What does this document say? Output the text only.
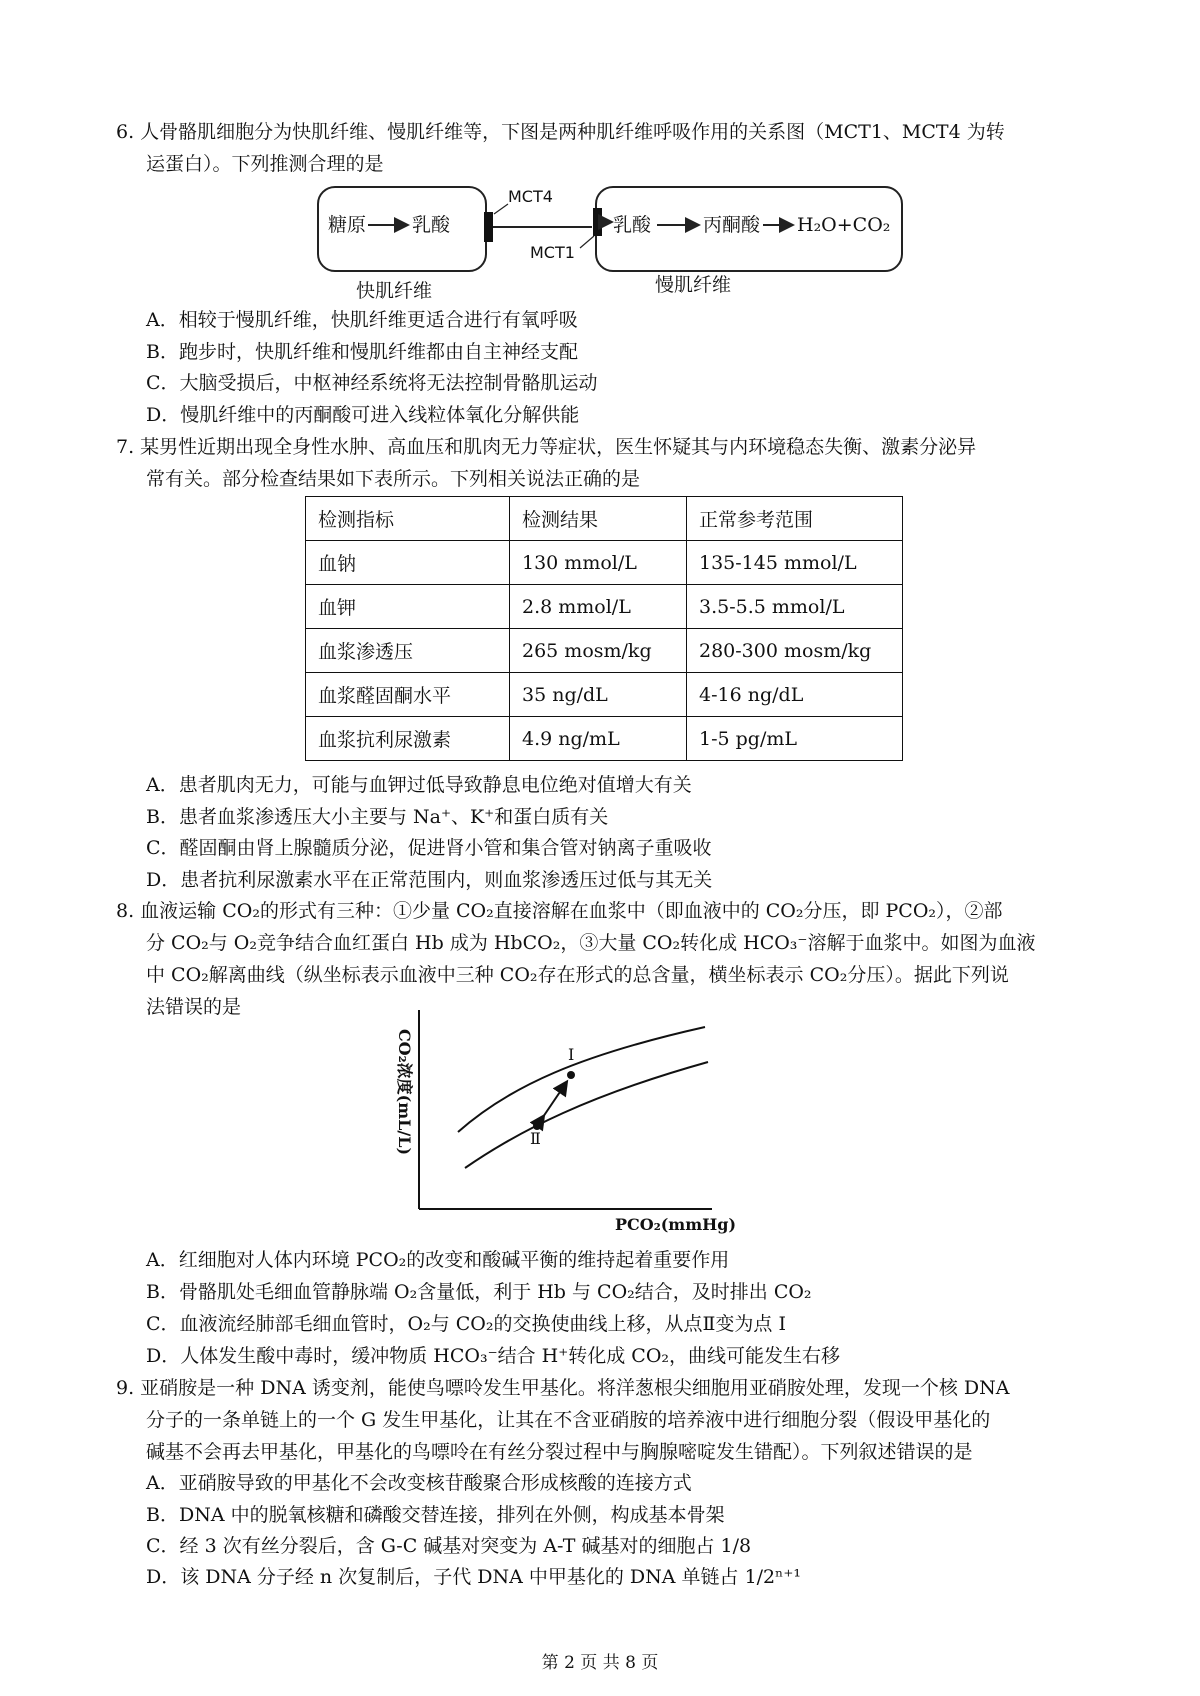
6. 人骨骼肌细胞分为快肌纤维、慢肌纤维等，下图是两种肌纤维呼吸作用的关系图（MCT1、MCT4 为转
运蛋白）。下列推测合理的是
糖原 乳酸	乳酸	丙酮酸 H₂O+CO₂
MCT4
MCT1
快肌纤维	慢肌纤维
A．相较于慢肌纤维，快肌纤维更适合进行有氧呼吸
B．跑步时，快肌纤维和慢肌纤维都由自主神经支配
C．大脑受损后，中枢神经系统将无法控制骨骼肌运动
D．慢肌纤维中的丙酮酸可进入线粒体氧化分解供能
7. 某男性近期出现全身性水肿、高血压和肌肉无力等症状，医生怀疑其与内环境稳态失衡、激素分泌异
常有关。部分检查结果如下表所示。下列相关说法正确的是
检测指标	检测结果	正常参考范围
血钠	130 mmol/L	135-145 mmol/L
血钾	2.8 mmol/L	3.5-5.5 mmol/L
血浆渗透压	265 mosm/kg	280-300 mosm/kg
血浆醛固酮水平	35 ng/dL	4-16 ng/dL
血浆抗利尿激素	4.9 ng/mL	1-5 pg/mL
A．患者肌肉无力，可能与血钾过低导致静息电位绝对值增大有关
B．患者血浆渗透压大小主要与 Na⁺、K⁺和蛋白质有关
C．醛固酮由肾上腺髓质分泌，促进肾小管和集合管对钠离子重吸收
D．患者抗利尿激素水平在正常范围内，则血浆渗透压过低与其无关
8. 血液运输 CO₂的形式有三种：①少量 CO₂直接溶解在血浆中（即血液中的 CO₂分压，即 PCO₂），②部
分 CO₂与 O₂竞争结合血红蛋白 Hb 成为 HbCO₂，③大量 CO₂转化成 HCO₃⁻溶解于血浆中。如图为血液
中 CO₂解离曲线（纵坐标表示血液中三种 CO₂存在形式的总含量，横坐标表示 CO₂分压）。据此下列说
法错误的是
I
Ⅱ
CO₂浓度(mL/L)
PCO₂(mmHg)
A．红细胞对人体内环境 PCO₂的改变和酸碱平衡的维持起着重要作用
B．骨骼肌处毛细血管静脉端 O₂含量低，利于 Hb 与 CO₂结合，及时排出 CO₂
C．血液流经肺部毛细血管时，O₂与 CO₂的交换使曲线上移，从点Ⅱ变为点 I
D．人体发生酸中毒时，缓冲物质 HCO₃⁻结合 H⁺转化成 CO₂，曲线可能发生右移
9. 亚硝胺是一种 DNA 诱变剂，能使鸟嘌呤发生甲基化。将洋葱根尖细胞用亚硝胺处理，发现一个核 DNA
分子的一条单链上的一个 G 发生甲基化，让其在不含亚硝胺的培养液中进行细胞分裂（假设甲基化的
碱基不会再去甲基化，甲基化的鸟嘌呤在有丝分裂过程中与胸腺嘧啶发生错配）。下列叙述错误的是
A．亚硝胺导致的甲基化不会改变核苷酸聚合形成核酸的连接方式
B．DNA 中的脱氧核糖和磷酸交替连接，排列在外侧，构成基本骨架
C．经 3 次有丝分裂后，含 G-C 碱基对突变为 A-T 碱基对的细胞占 1/8
D．该 DNA 分子经 n 次复制后，子代 DNA 中甲基化的 DNA 单链占 1/2ⁿ⁺¹
第 2 页 共 8 页
